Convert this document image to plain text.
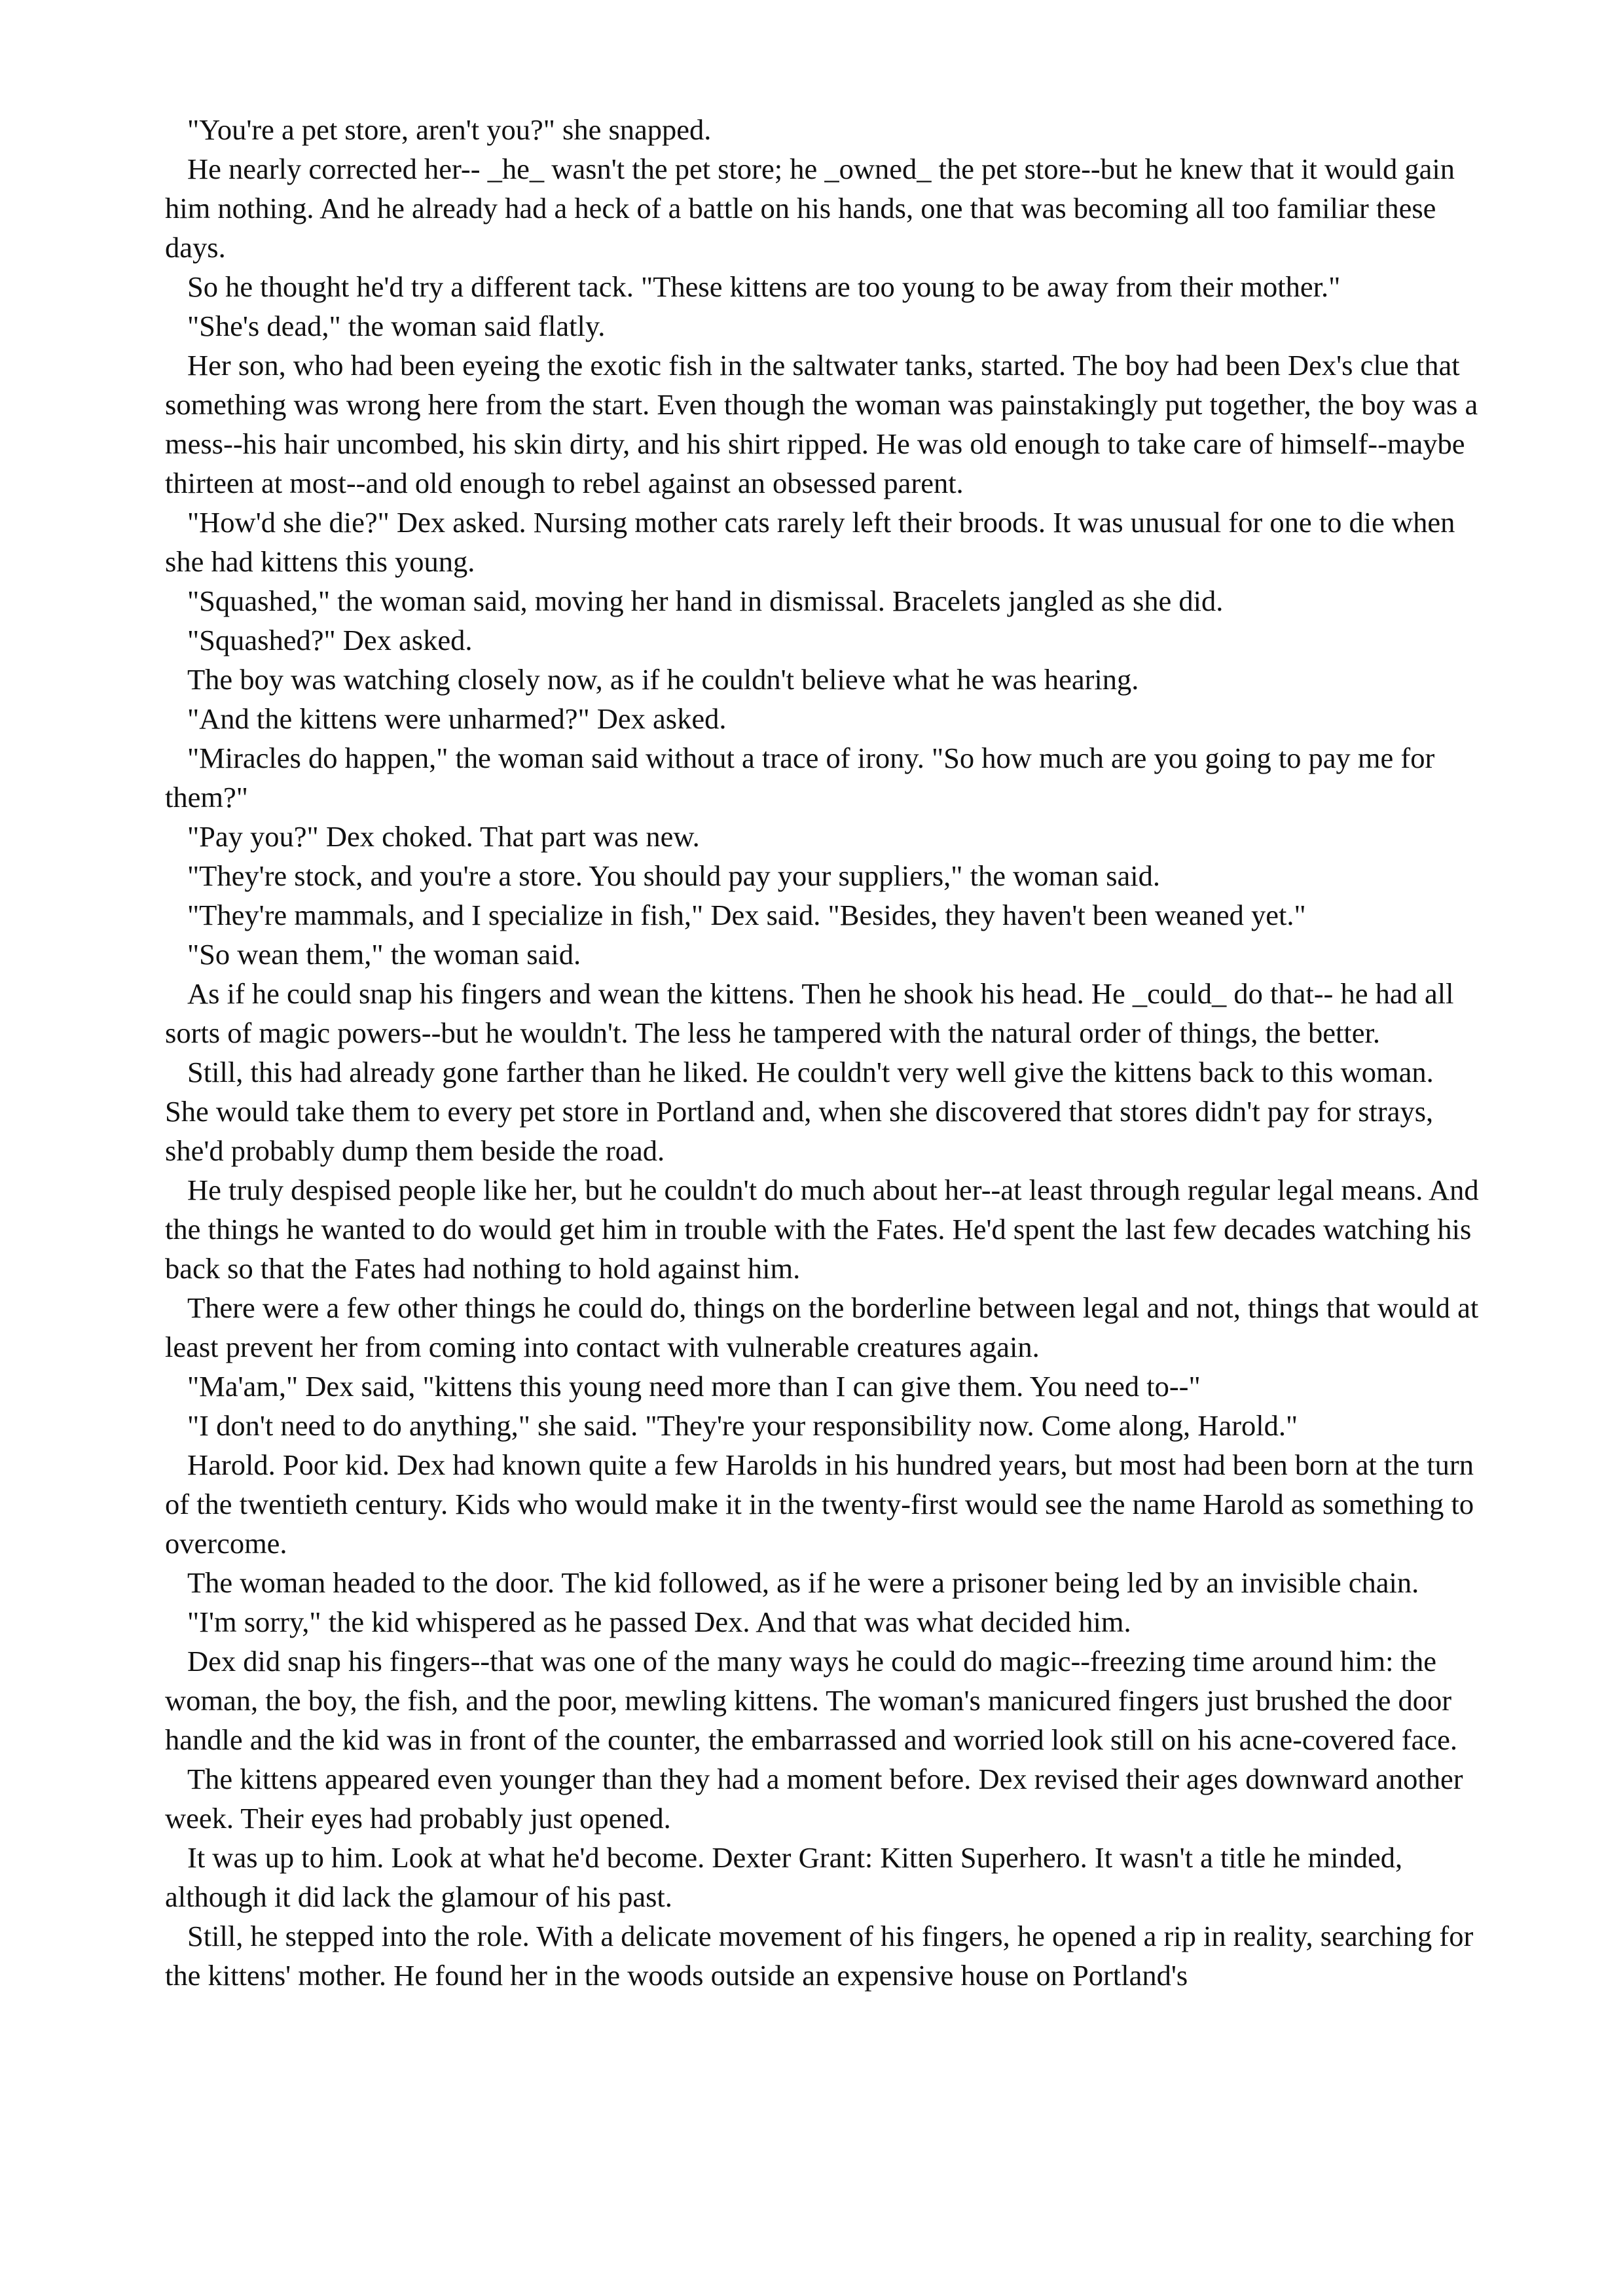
"You're a pet store, aren't you?" she snapped.

He nearly corrected her-- _he_ wasn't the pet store; he _owned_ the pet store--but he knew that it would gain him nothing. And he already had a heck of a battle on his hands, one that was becoming all too familiar these days.

So he thought he'd try a different tack. "These kittens are too young to be away from their mother."

"She's dead," the woman said flatly.

Her son, who had been eyeing the exotic fish in the saltwater tanks, started. The boy had been Dex's clue that something was wrong here from the start. Even though the woman was painstakingly put together, the boy was a mess--his hair uncombed, his skin dirty, and his shirt ripped. He was old enough to take care of himself--maybe thirteen at most--and old enough to rebel against an obsessed parent.

"How'd she die?" Dex asked. Nursing mother cats rarely left their broods. It was unusual for one to die when she had kittens this young.

"Squashed," the woman said, moving her hand in dismissal. Bracelets jangled as she did.

"Squashed?" Dex asked.

The boy was watching closely now, as if he couldn't believe what he was hearing.

"And the kittens were unharmed?" Dex asked.

"Miracles do happen," the woman said without a trace of irony. "So how much are you going to pay me for them?"

"Pay you?" Dex choked. That part was new.

"They're stock, and you're a store. You should pay your suppliers," the woman said.

"They're mammals, and I specialize in fish," Dex said. "Besides, they haven't been weaned yet."

"So wean them," the woman said.

As if he could snap his fingers and wean the kittens. Then he shook his head. He _could_ do that-- he had all sorts of magic powers--but he wouldn't. The less he tampered with the natural order of things, the better.

Still, this had already gone farther than he liked. He couldn't very well give the kittens back to this woman. She would take them to every pet store in Portland and, when she discovered that stores didn't pay for strays, she'd probably dump them beside the road.

He truly despised people like her, but he couldn't do much about her--at least through regular legal means. And the things he wanted to do would get him in trouble with the Fates. He'd spent the last few decades watching his back so that the Fates had nothing to hold against him.

There were a few other things he could do, things on the borderline between legal and not, things that would at least prevent her from coming into contact with vulnerable creatures again.

"Ma'am," Dex said, "kittens this young need more than I can give them. You need to--"

"I don't need to do anything," she said. "They're your responsibility now. Come along, Harold."

Harold. Poor kid. Dex had known quite a few Harolds in his hundred years, but most had been born at the turn of the twentieth century. Kids who would make it in the twenty-first would see the name Harold as something to overcome.

The woman headed to the door. The kid followed, as if he were a prisoner being led by an invisible chain.

"I'm sorry," the kid whispered as he passed Dex. And that was what decided him.

Dex did snap his fingers--that was one of the many ways he could do magic--freezing time around him: the woman, the boy, the fish, and the poor, mewling kittens. The woman's manicured fingers just brushed the door handle and the kid was in front of the counter, the embarrassed and worried look still on his acne-covered face.

The kittens appeared even younger than they had a moment before. Dex revised their ages downward another week. Their eyes had probably just opened.

It was up to him. Look at what he'd become. Dexter Grant: Kitten Superhero. It wasn't a title he minded, although it did lack the glamour of his past.

Still, he stepped into the role. With a delicate movement of his fingers, he opened a rip in reality, searching for the kittens' mother. He found her in the woods outside an expensive house on Portland's
